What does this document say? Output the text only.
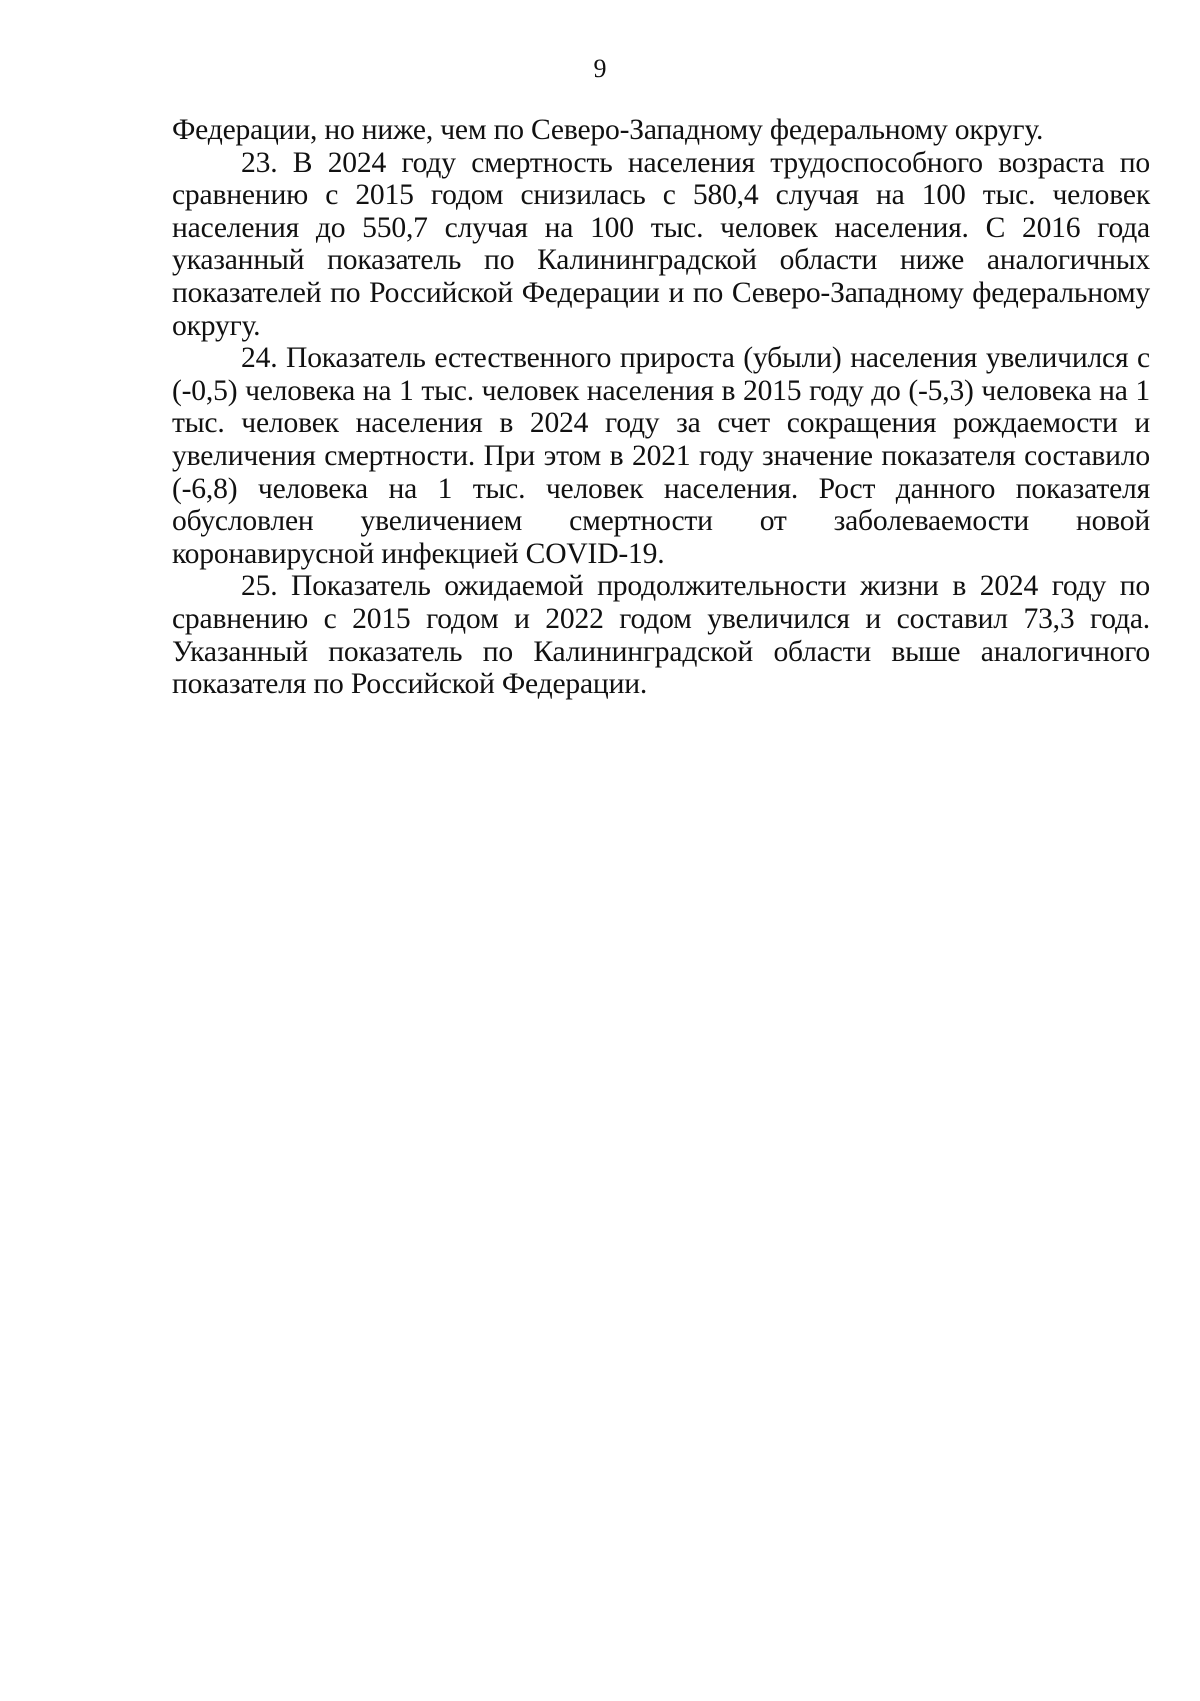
9

Федерации, но ниже, чем по Северо-Западному федеральному округу.

23. В 2024 году смертность населения трудоспособного возраста по сравнению с 2015 годом снизилась с 580,4 случая на 100 тыс. человек населения до 550,7 случая на 100 тыс. человек населения. С 2016 года указанный показатель по Калининградской области ниже аналогичных показателей по Российской Федерации и по Северо-Западному федеральному округу.

24. Показатель естественного прироста (убыли) населения увеличился с (-0,5) человека на 1 тыс. человек населения в 2015 году до (-5,3) человека на 1 тыс. человек населения в 2024 году за счет сокращения рождаемости и увеличения смертности. При этом в 2021 году значение показателя составило (-6,8) человека на 1 тыс. человек населения. Рост данного показателя обусловлен увеличением смертности от заболеваемости новой коронавирусной инфекцией COVID-19.

25. Показатель ожидаемой продолжительности жизни в 2024 году по сравнению с 2015 годом и 2022 годом увеличился и составил 73,3 года. Указанный показатель по Калининградской области выше аналогичного показателя по Российской Федерации.
